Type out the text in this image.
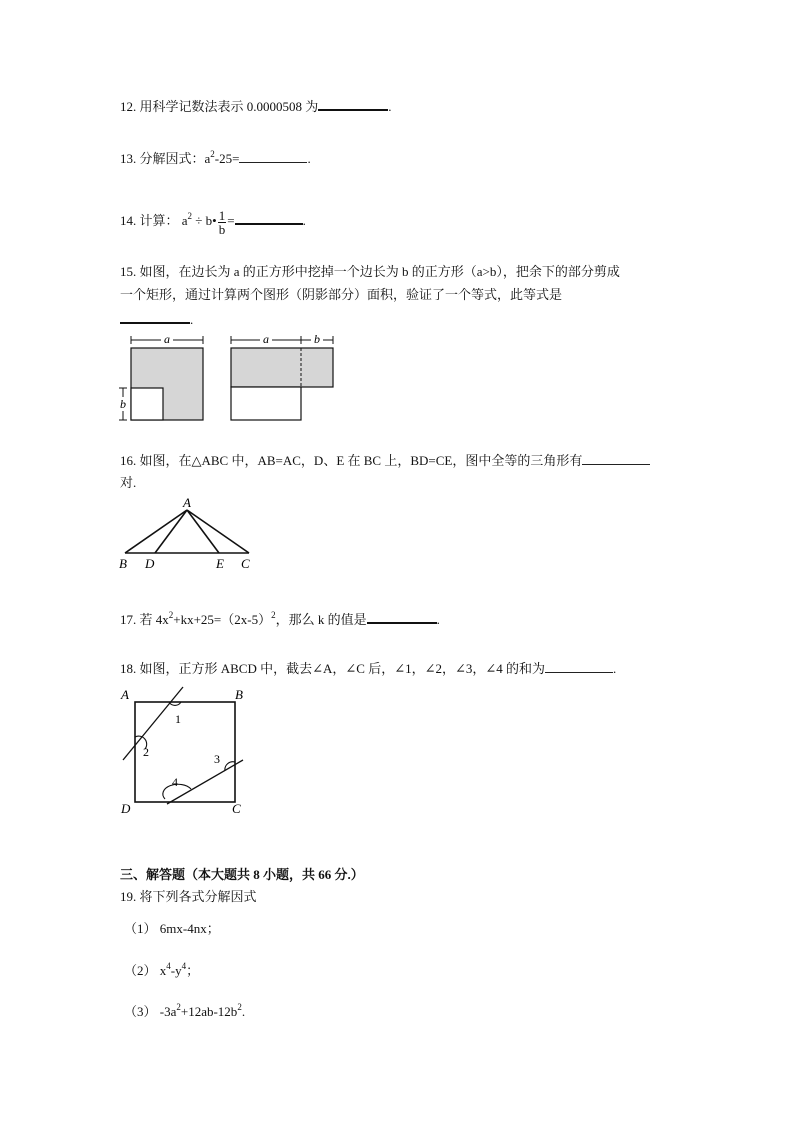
12. 用科学记数法表示 0.0000508 为	.
13. 分解因式：$a^2-25=$	.
14. 计算： $a^2$ ÷ b• $\frac{1}{b}$ =	.
15. 如图，在边长为 a 的正方形中挖掉一个边长为 b 的正方形（a>b），把余下的部分剪成
一个矩形，通过计算两个图形（阴影部分）面积，验证了一个等式，此等式是
.
a
b
a	b
16. 如图，在△ABC 中，AB=AC，D、E 在 BC 上，BD=CE，图中全等的三角形有
对.
A
B D	E C
17. 若 $4x^2+kx+25=(2x-5)^2$，那么 k 的值是	.
18. 如图，正方形 ABCD 中，截去∠A，∠C 后，∠1，∠2，∠3，∠4 的和为	.
A	B
D	C
1
2	3
4
三、解答题（本大题共 8 小题，共 66 分.）
19. 将下列各式分解因式
（1） 6mx-4nx；
（2） $x^4-y^4$；
（3） $-3a^2+12ab-12b^2$.
